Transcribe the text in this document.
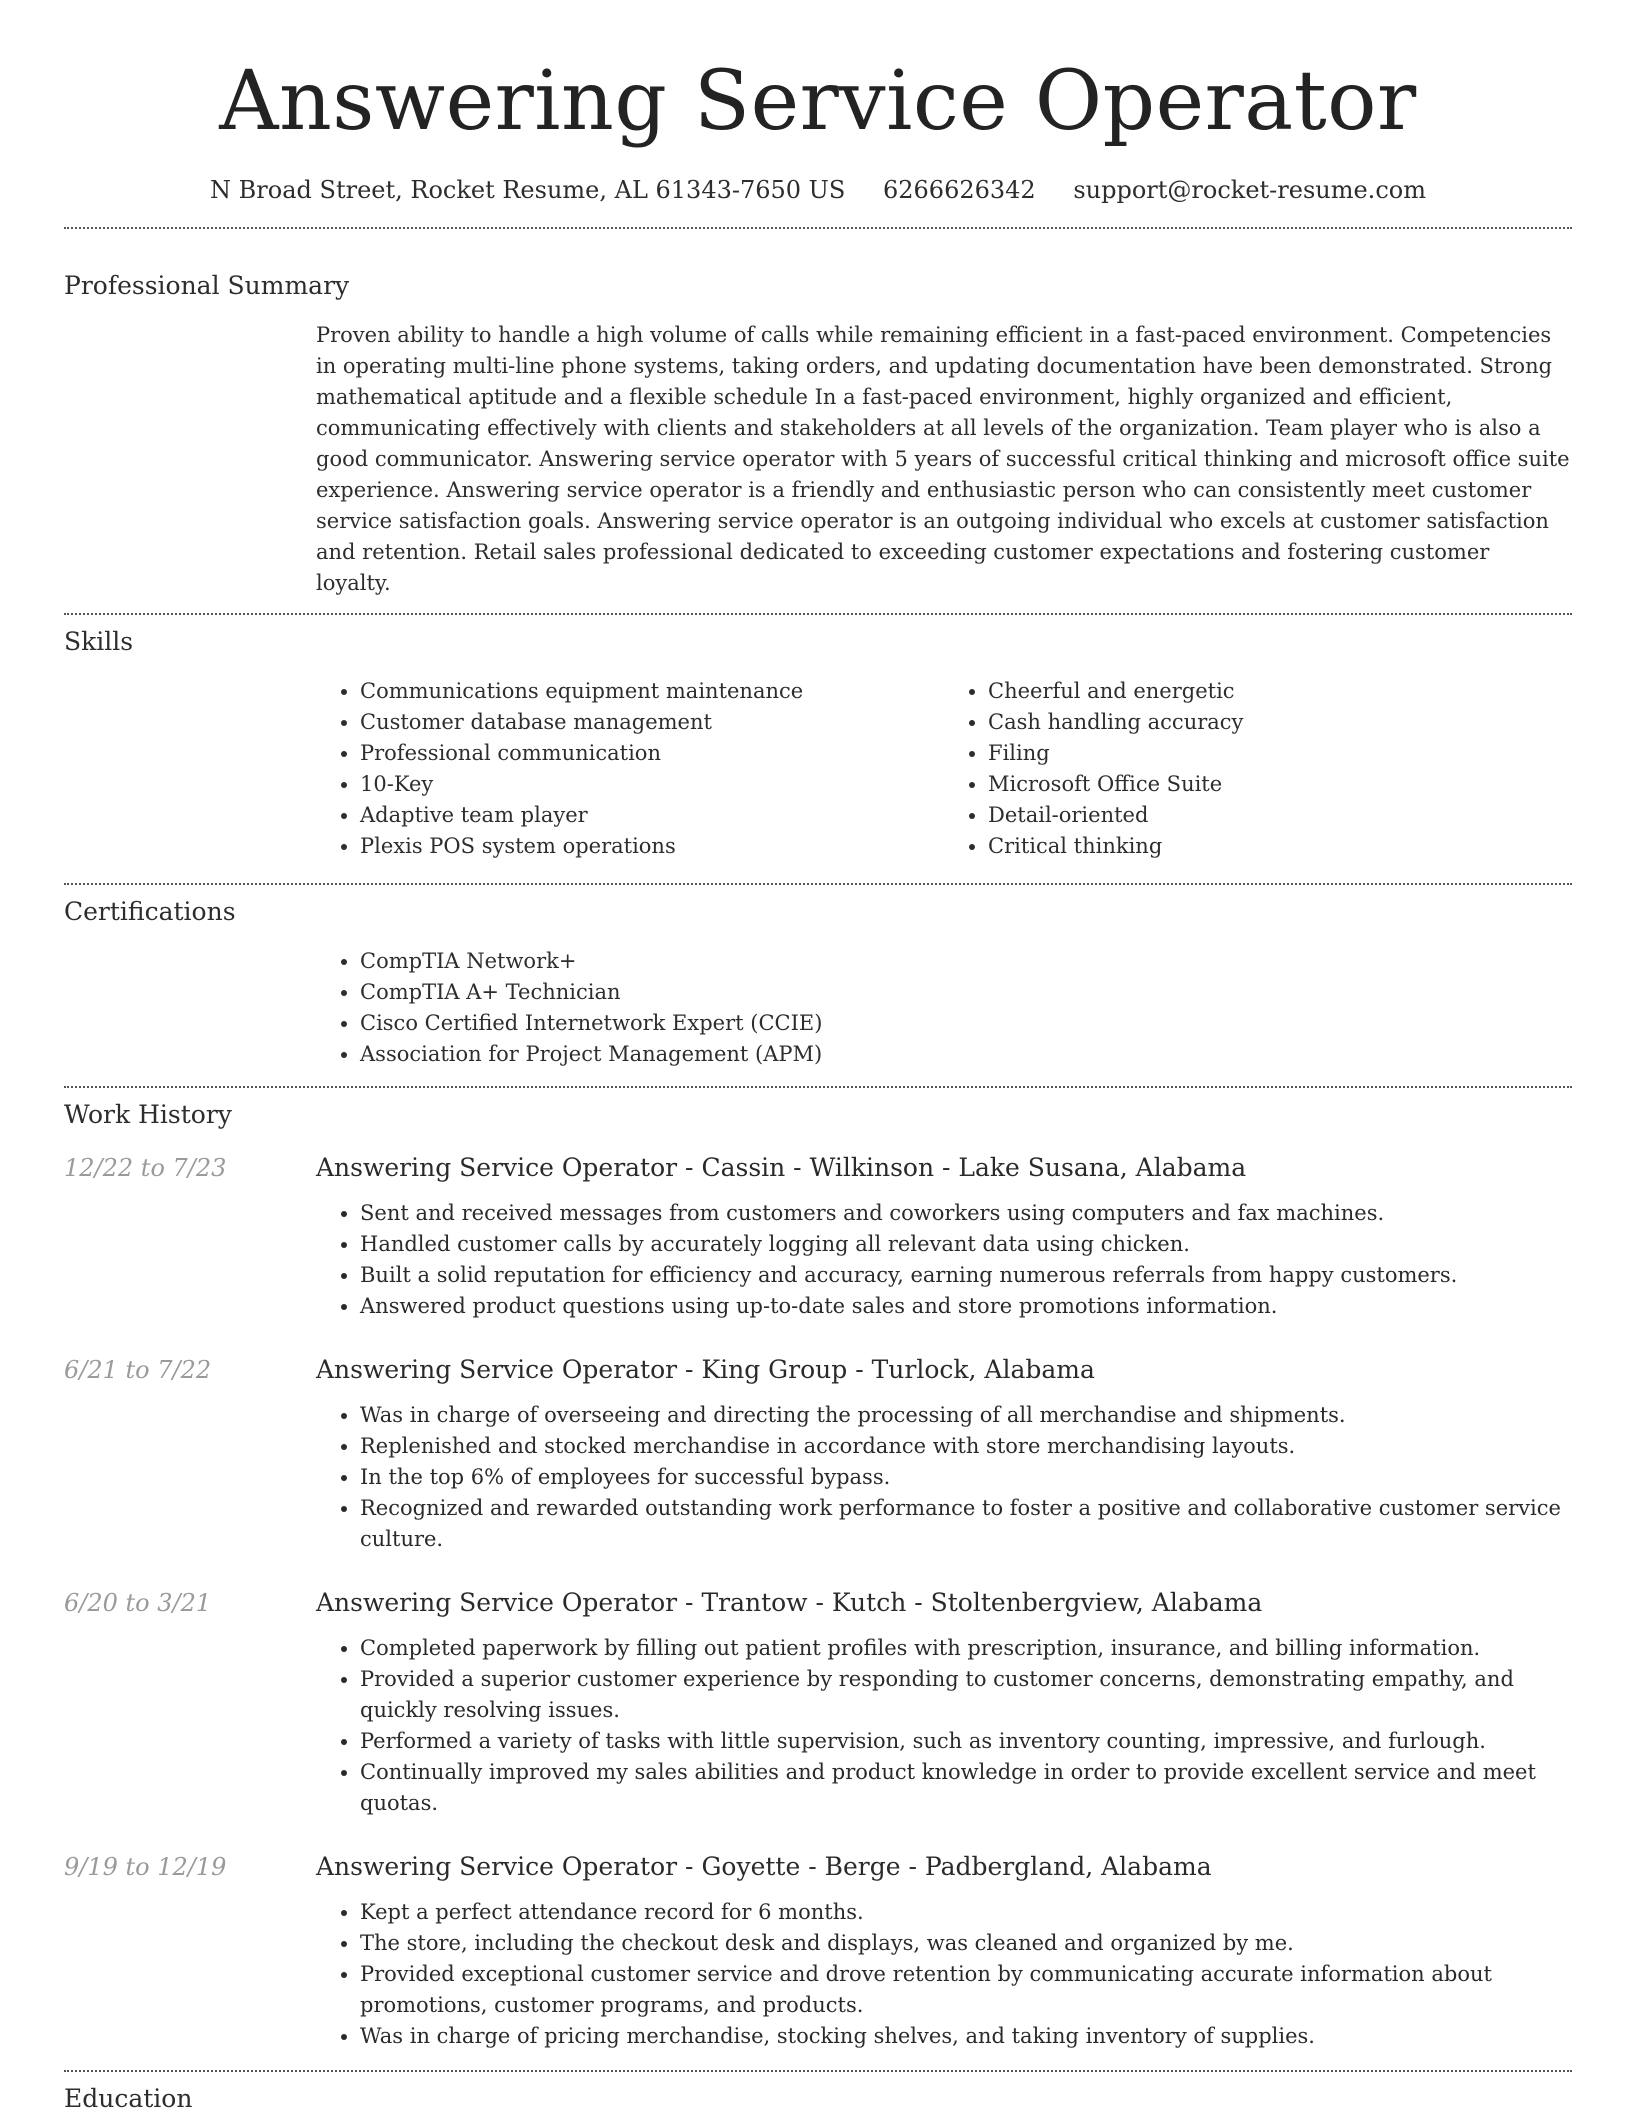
Answering Service Operator
N Broad Street, Rocket Resume, AL 61343-7650 US 6266626342 support@rocket-resume.com
Professional Summary
Proven ability to handle a high volume of calls while remaining efficient in a fast-paced environment. Competencies in operating multi-line phone systems, taking orders, and updating documentation have been demonstrated. Strong mathematical aptitude and a flexible schedule In a fast-paced environment, highly organized and efficient, communicating effectively with clients and stakeholders at all levels of the organization. Team player who is also a good communicator. Answering service operator with 5 years of successful critical thinking and microsoft office suite experience. Answering service operator is a friendly and enthusiastic person who can consistently meet customer service satisfaction goals. Answering service operator is an outgoing individual who excels at customer satisfaction and retention. Retail sales professional dedicated to exceeding customer expectations and fostering customer loyalty.
Skills
• Communications equipment maintenance
• Customer database management
• Professional communication
• 10-Key
• Adaptive team player
• Plexis POS system operations
• Cheerful and energetic
• Cash handling accuracy
• Filing
• Microsoft Office Suite
• Detail-oriented
• Critical thinking
Certifications
• CompTIA Network+
• CompTIA A+ Technician
• Cisco Certified Internetwork Expert (CCIE)
• Association for Project Management (APM)
Work History
12/22 to 7/23	Answering Service Operator - Cassin - Wilkinson - Lake Susana, Alabama
• Sent and received messages from customers and coworkers using computers and fax machines.
• Handled customer calls by accurately logging all relevant data using chicken.
• Built a solid reputation for efficiency and accuracy, earning numerous referrals from happy customers.
• Answered product questions using up-to-date sales and store promotions information.
6/21 to 7/22	Answering Service Operator - King Group - Turlock, Alabama
• Was in charge of overseeing and directing the processing of all merchandise and shipments.
• Replenished and stocked merchandise in accordance with store merchandising layouts.
• In the top 6% of employees for successful bypass.
• Recognized and rewarded outstanding work performance to foster a positive and collaborative customer service culture.
6/20 to 3/21	Answering Service Operator - Trantow - Kutch - Stoltenbergview, Alabama
• Completed paperwork by filling out patient profiles with prescription, insurance, and billing information.
• Provided a superior customer experience by responding to customer concerns, demonstrating empathy, and quickly resolving issues.
• Performed a variety of tasks with little supervision, such as inventory counting, impressive, and furlough.
• Continually improved my sales abilities and product knowledge in order to provide excellent service and meet quotas.
9/19 to 12/19	Answering Service Operator - Goyette - Berge - Padbergland, Alabama
• Kept a perfect attendance record for 6 months.
• The store, including the checkout desk and displays, was cleaned and organized by me.
• Provided exceptional customer service and drove retention by communicating accurate information about promotions, customer programs, and products.
• Was in charge of pricing merchandise, stocking shelves, and taking inventory of supplies.
Education
